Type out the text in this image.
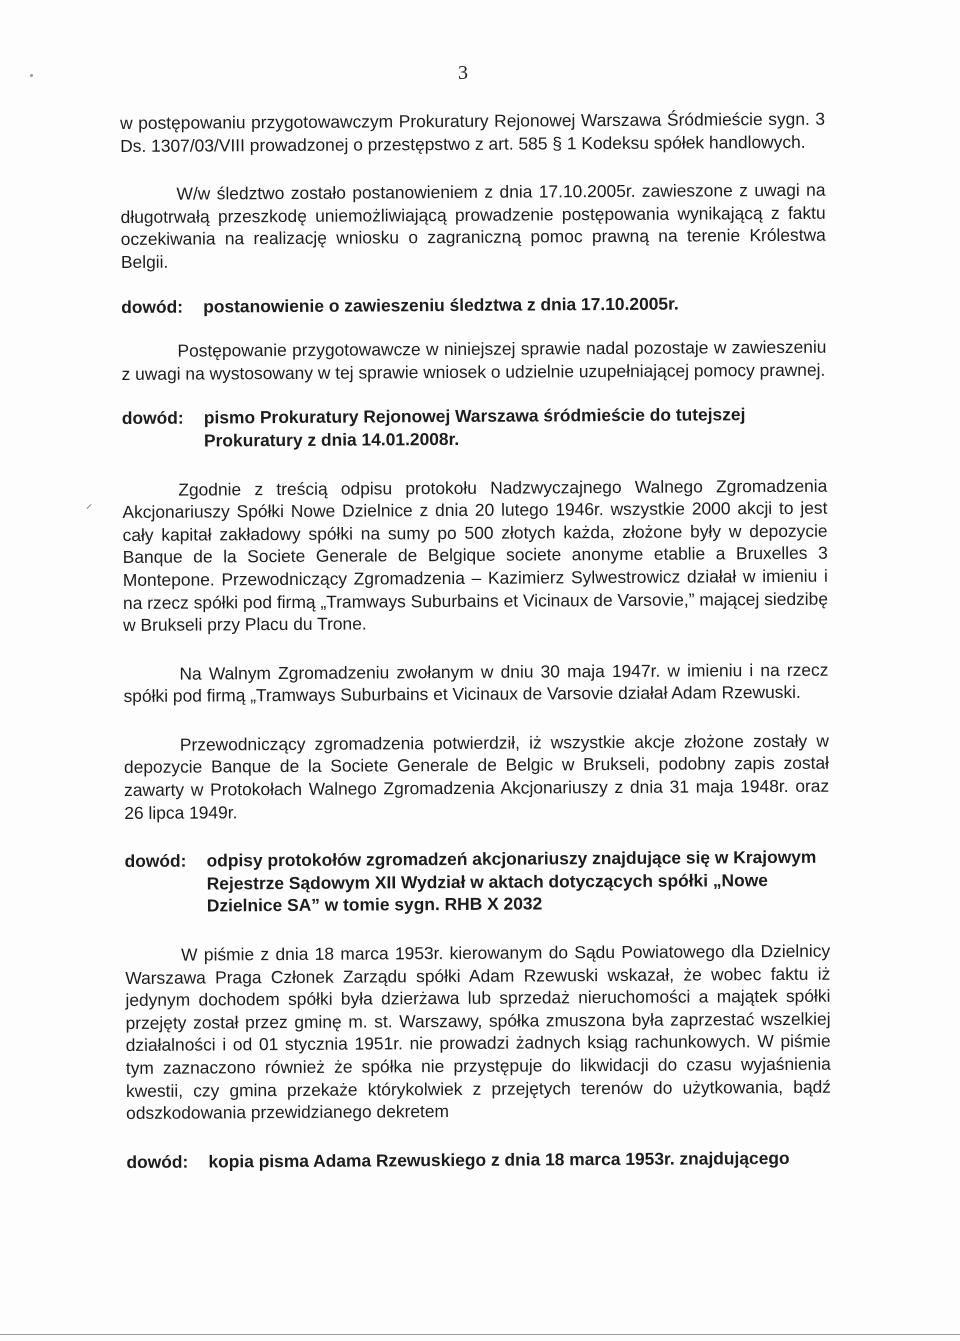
3

w postępowaniu przygotowawczym Prokuratury Rejonowej Warszawa Śródmieście sygn. 3 Ds. 1307/03/VIII prowadzonej o przestępstwo z art. 585 § 1 Kodeksu spółek handlowych.

W/w śledztwo zostało postanowieniem z dnia 17.10.2005r. zawieszone z uwagi na długotrwałą przeszkodę uniemożliwiającą prowadzenie postępowania wynikającą z faktu oczekiwania na realizację wniosku o zagraniczną pomoc prawną na terenie Królestwa Belgii.

dowód:	postanowienie o zawieszeniu śledztwa z dnia 17.10.2005r.

Postępowanie przygotowawcze w niniejszej sprawie nadal pozostaje w zawieszeniu z uwagi na wystosowany w tej sprawie wniosek o udzielnie uzupełniającej pomocy prawnej.

dowód:	pismo Prokuratury Rejonowej Warszawa śródmieście do tutejszej Prokuratury z dnia 14.01.2008r.

Zgodnie z treścią odpisu protokołu Nadzwyczajnego Walnego Zgromadzenia Akcjonariuszy Spółki Nowe Dzielnice z dnia 20 lutego 1946r. wszystkie 2000 akcji to jest cały kapitał zakładowy spółki na sumy po 500 złotych każda, złożone były w depozycie Banque de la Societe Generale de Belgique societe anonyme etablie a Bruxelles 3 Montepone. Przewodniczący Zgromadzenia – Kazimierz Sylwestrowicz działał w imieniu i na rzecz spółki pod firmą „Tramways Suburbains et Vicinaux de Varsovie,” mającej siedzibę w Brukseli przy Placu du Trone.

Na Walnym Zgromadzeniu zwołanym w dniu 30 maja 1947r. w imieniu i na rzecz spółki pod firmą „Tramways Suburbains et Vicinaux de Varsovie działał Adam Rzewuski.

Przewodniczący zgromadzenia potwierdził, iż wszystkie akcje złożone zostały w depozycie Banque de la Societe Generale de Belgic w Brukseli, podobny zapis został zawarty w Protokołach Walnego Zgromadzenia Akcjonariuszy z dnia 31 maja 1948r. oraz 26 lipca 1949r.

dowód:	odpisy protokołów zgromadzeń akcjonariuszy znajdujące się w Krajowym Rejestrze Sądowym XII Wydział w aktach dotyczących spółki „Nowe Dzielnice SA” w tomie sygn. RHB X 2032

W piśmie z dnia 18 marca 1953r. kierowanym do Sądu Powiatowego dla Dzielnicy Warszawa Praga Członek Zarządu spółki Adam Rzewuski wskazał, że wobec faktu iż jedynym dochodem spółki była dzierżawa lub sprzedaż nieruchomości a majątek spółki przejęty został przez gminę m. st. Warszawy, spółka zmuszona była zaprzestać wszelkiej działalności i od 01 stycznia 1951r. nie prowadzi żadnych ksiąg rachunkowych. W piśmie tym zaznaczono również że spółka nie przystępuje do likwidacji do czasu wyjaśnienia kwestii, czy gmina przekaże którykolwiek z przejętych terenów do użytkowania, bądź odszkodowania przewidzianego dekretem

dowód:	kopia pisma Adama Rzewuskiego z dnia 18 marca 1953r. znajdującego
